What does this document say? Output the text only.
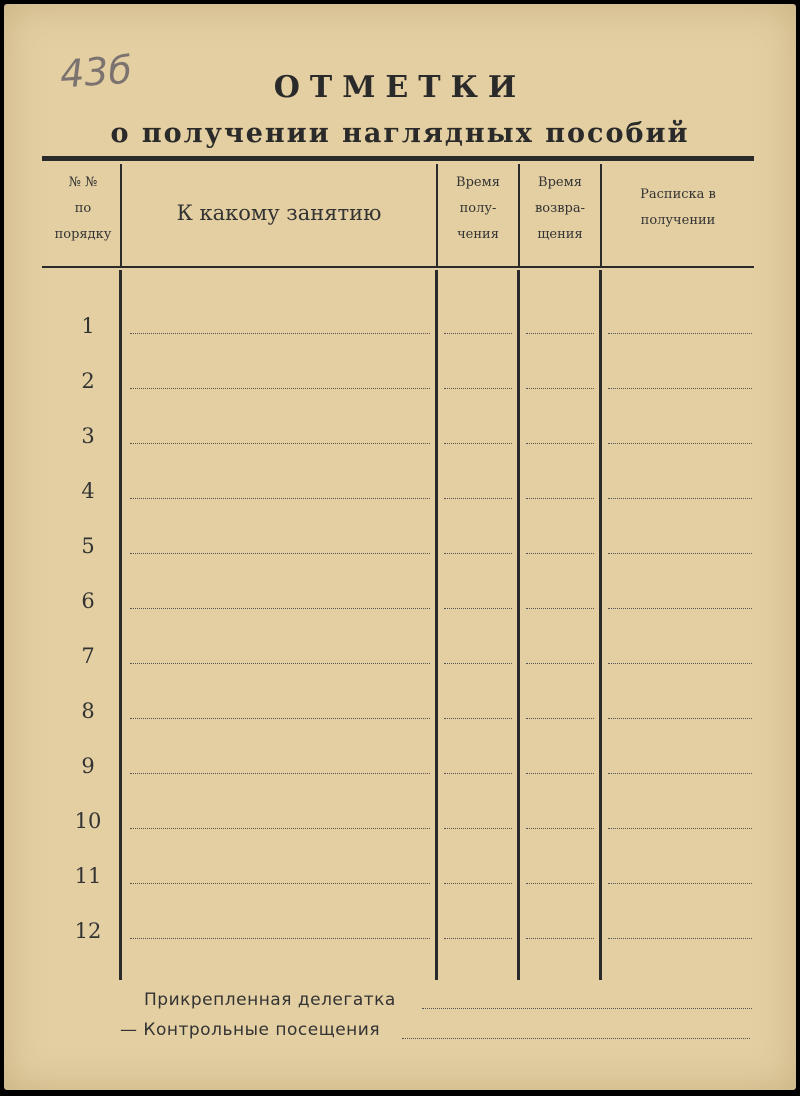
43б	ОТМЕТКИ
о получении наглядных пособий
№ №
по
порядку
К какому занятию
Время
полу-
чения
Время
возвра-
щения
Расписка в
получении
1
2
3
4
5
6
7
8
9
10
11
12
Прикрепленная делегатка
— Контрольные посещения
